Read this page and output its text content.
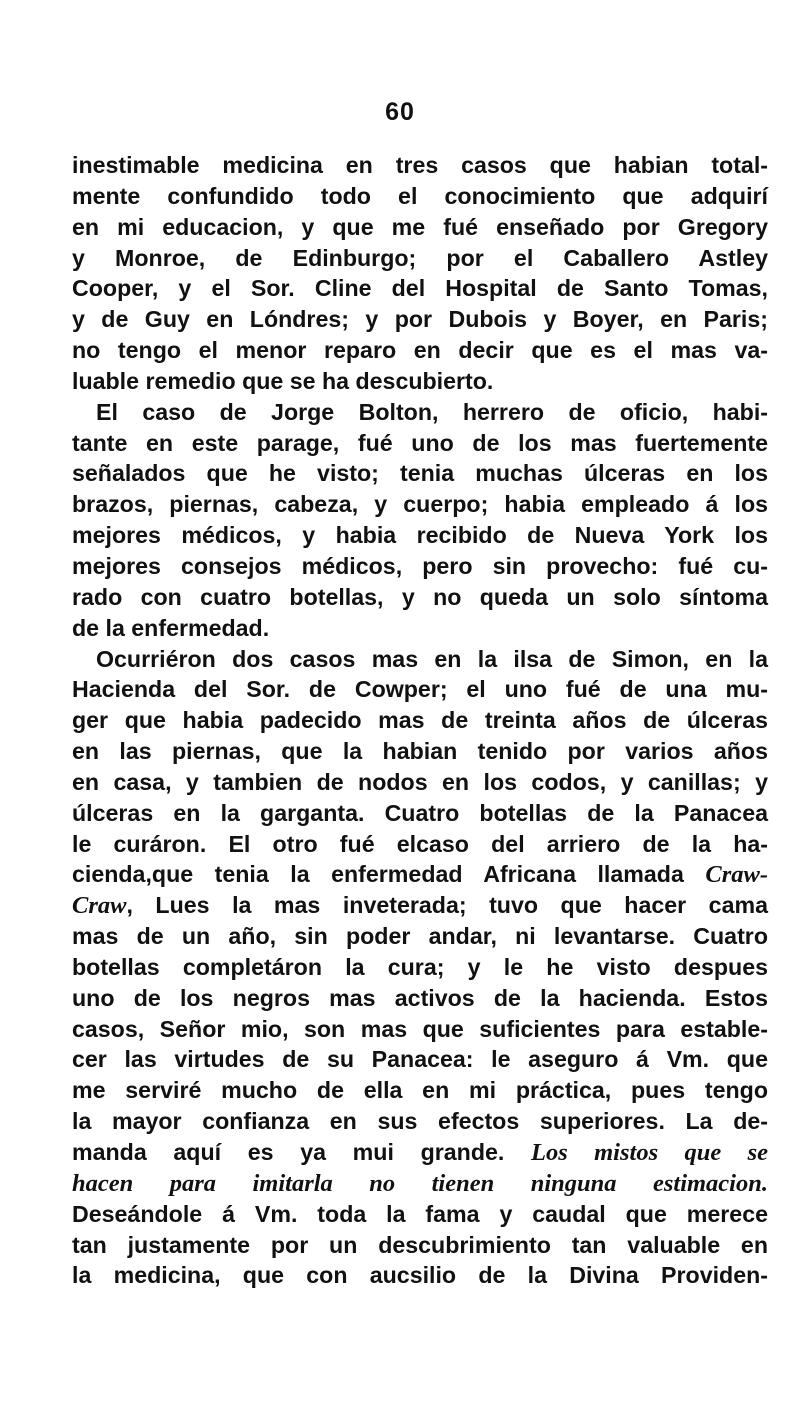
60
inestimable medicina en tres casos que habian total-
mente confundido todo el conocimiento que adquirí
en mi educacion, y que me fué enseñado por Gregory
y Monroe, de Edinburgo; por el Caballero Astley
Cooper, y el Sor. Cline del Hospital de Santo Tomas,
y de Guy en Lóndres; y por Dubois y Boyer, en Paris;
no tengo el menor reparo en decir que es el mas va-
luable remedio que se ha descubierto.
El caso de Jorge Bolton, herrero de oficio, habi-
tante en este parage, fué uno de los mas fuertemente
señalados que he visto; tenia muchas úlceras en los
brazos, piernas, cabeza, y cuerpo; habia empleado á los
mejores médicos, y habia recibido de Nueva York los
mejores consejos médicos, pero sin provecho: fué cu-
rado con cuatro botellas, y no queda un solo síntoma
de la enfermedad.
Ocurriéron dos casos mas en la ilsa de Simon, en la
Hacienda del Sor. de Cowper; el uno fué de una mu-
ger que habia padecido mas de treinta años de úlceras
en las piernas, que la habian tenido por varios años
en casa, y tambien de nodos en los codos, y canillas; y
úlceras en la garganta. Cuatro botellas de la Panacea
le curáron. El otro fué elcaso del arriero de la ha-
cienda,que tenia la enfermedad Africana llamada Craw-
Craw, Lues la mas inveterada; tuvo que hacer cama
mas de un año, sin poder andar, ni levantarse. Cuatro
botellas completáron la cura; y le he visto despues
uno de los negros mas activos de la hacienda. Estos
casos, Señor mio, son mas que suficientes para estable-
cer las virtudes de su Panacea: le aseguro á Vm. que
me serviré mucho de ella en mi práctica, pues tengo
la mayor confianza en sus efectos superiores. La de-
manda aquí es ya mui grande. Los mistos que se
hacen para imitarla no tienen ninguna estimacion.
Deseándole á Vm. toda la fama y caudal que merece
tan justamente por un descubrimiento tan valuable en
la medicina, que con aucsilio de la Divina Providen-
